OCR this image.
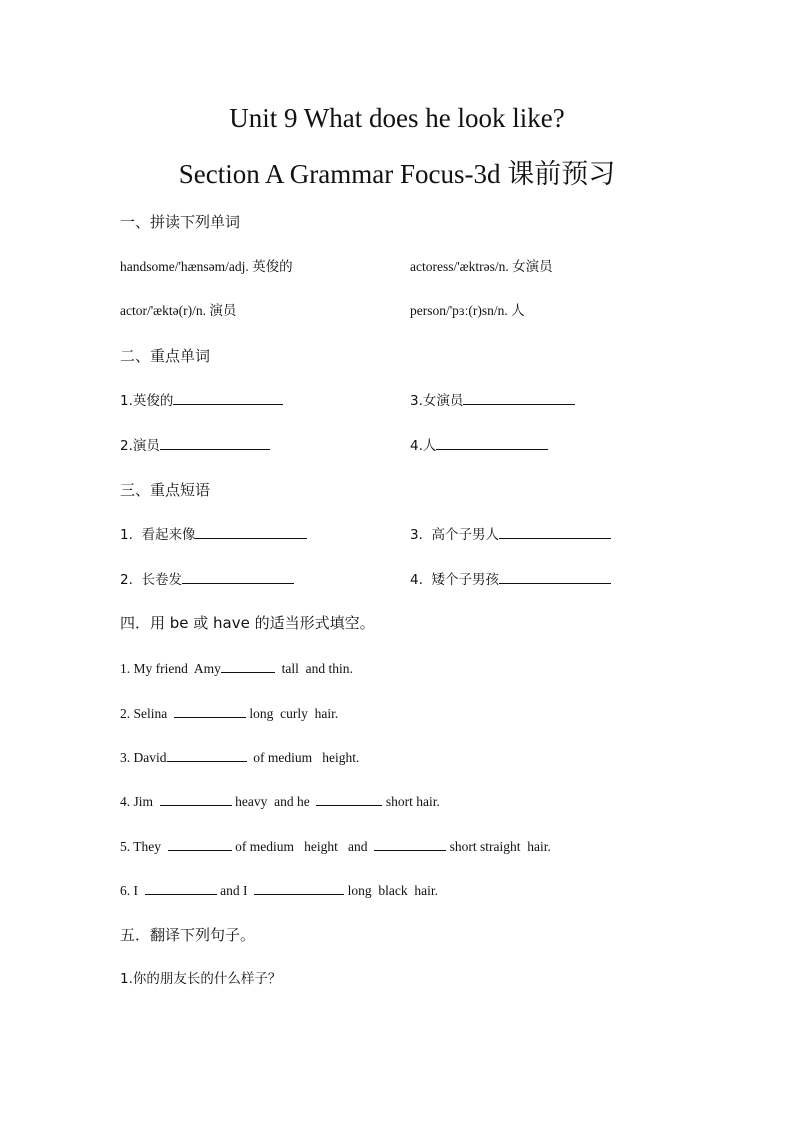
Unit 9 What does he look like?
Section A Grammar Focus-3d 课前预习
一、拼读下列单词
handsome/'hænsəm/adj. 英俊的	actoress/'æktrəs/n. 女演员
actor/'æktə(r)/n. 演员	person/'pɜː(r)sn/n. 人
二、重点单词
1.英俊的	3.女演员
2.演员	4.人
三、重点短语
1.  看起来像	3.  高个子男人
2.  长卷发	4.  矮个子男孩
四．用 be 或 have 的适当形式填空。
1. My friend  Amy	tall  and thin.
2. Selina	long  curly  hair.
3. David	of medium   height.
4. Jim	heavy  and he	short hair.
5. They	of medium   height   and	short straight  hair.
6. I	and I	long  black  hair.
五．翻译下列句子。
1.你的朋友长的什么样子？
